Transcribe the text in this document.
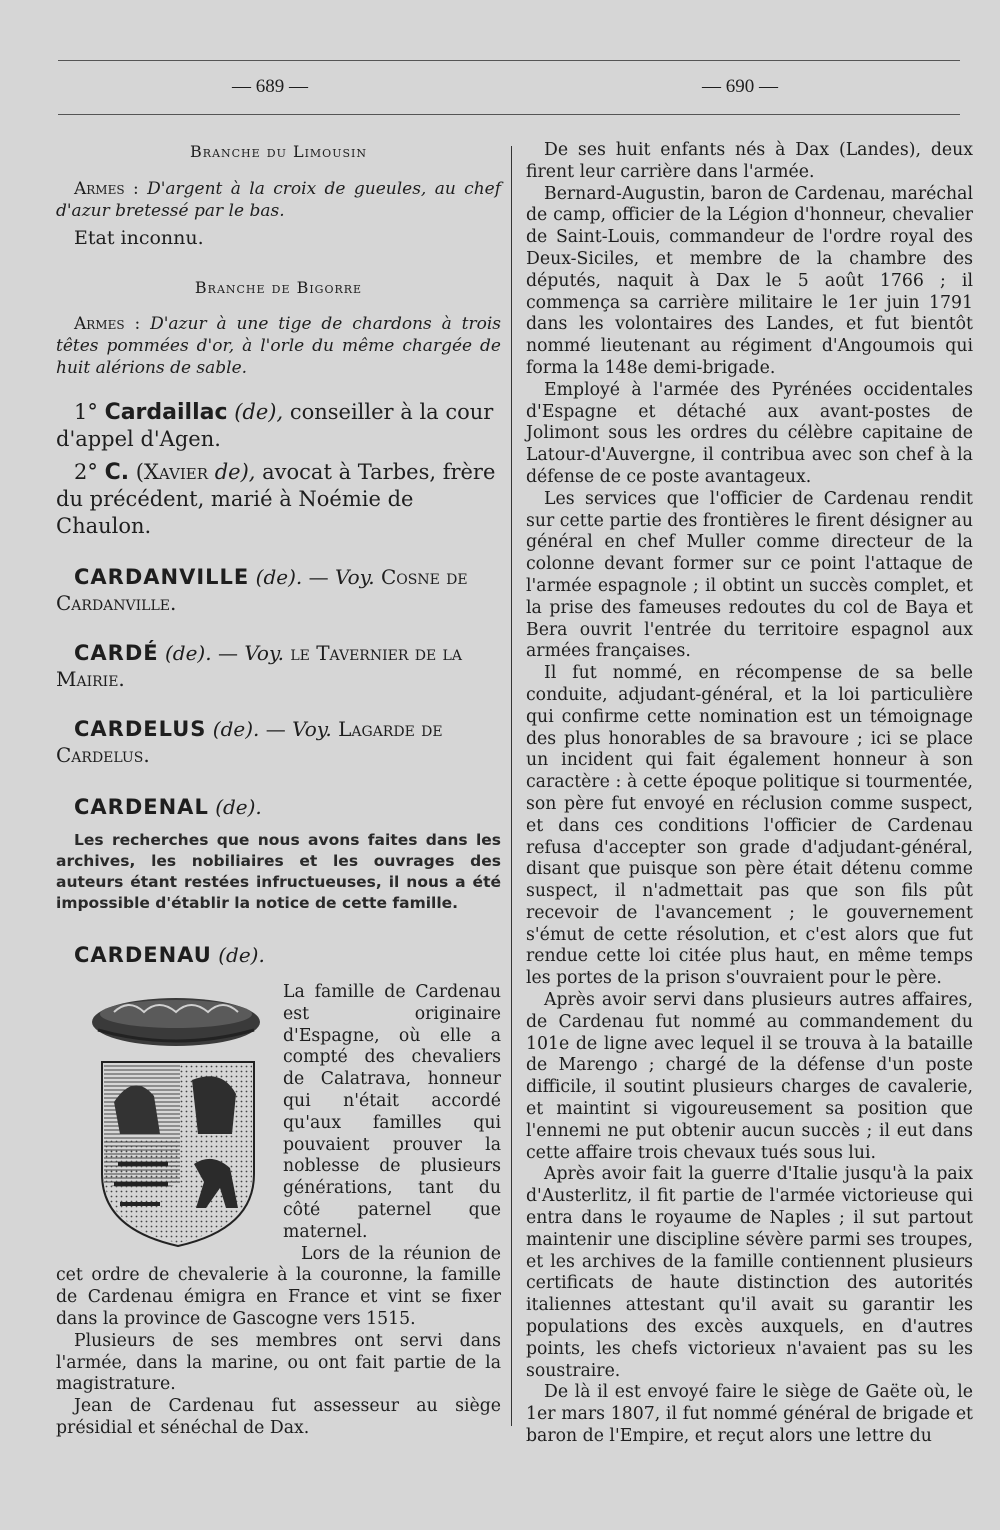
— 689 —	— 690 —

Branche du Limousin

Armes : D'argent à la croix de gueules, au chef d'azur bretessé par le bas.

Etat inconnu.

Branche de Bigorre

Armes : D'azur à une tige de chardons à trois têtes pommées d'or, à l'orle du même chargée de huit alérions de sable.

1° Cardaillac (de), conseiller à la cour d'appel d'Agen.

2° C. (Xavier de), avocat à Tarbes, frère du précédent, marié à Noémie de Chaulon.

CARDANVILLE (de). — Voy. Cosne de Cardanville.

CARDÉ (de). — Voy. le Tavernier de la Mairie.

CARDELUS (de). — Voy. Lagarde de Cardelus.

CARDENAL (de).

Les recherches que nous avons faites dans les archives, les nobiliaires et les ouvrages des auteurs étant restées infructueuses, il nous a été impossible d'établir la notice de cette famille.

CARDENAU (de).

La famille de Cardenau est originaire d'Espagne, où elle a compté des chevaliers de Calatrava, honneur qui n'était accordé qu'aux familles qui pouvaient prouver la noblesse de plusieurs générations, tant du côté paternel que maternel.

Lors de la réunion de cet ordre de chevalerie à la couronne, la famille de Cardenau émigra en France et vint se fixer dans la province de Gascogne vers 1515.

Plusieurs de ses membres ont servi dans l'armée, dans la marine, ou ont fait partie de la magistrature.

Jean de Cardenau fut assesseur au siège présidial et sénéchal de Dax.

De ses huit enfants nés à Dax (Landes), deux firent leur carrière dans l'armée.

Bernard-Augustin, baron de Cardenau, maréchal de camp, officier de la Légion d'honneur, chevalier de Saint-Louis, commandeur de l'ordre royal des Deux-Siciles, et membre de la chambre des députés, naquit à Dax le 5 août 1766 ; il commença sa carrière militaire le 1er juin 1791 dans les volontaires des Landes, et fut bientôt nommé lieutenant au régiment d'Angoumois qui forma la 148e demi-brigade.

Employé à l'armée des Pyrénées occidentales d'Espagne et détaché aux avant-postes de Jolimont sous les ordres du célèbre capitaine de Latour-d'Auvergne, il contribua avec son chef à la défense de ce poste avantageux.

Les services que l'officier de Cardenau rendit sur cette partie des frontières le firent désigner au général en chef Muller comme directeur de la colonne devant former sur ce point l'attaque de l'armée espagnole ; il obtint un succès complet, et la prise des fameuses redoutes du col de Baya et Bera ouvrit l'entrée du territoire espagnol aux armées françaises.

Il fut nommé, en récompense de sa belle conduite, adjudant-général, et la loi particulière qui confirme cette nomination est un témoignage des plus honorables de sa bravoure ; ici se place un incident qui fait également honneur à son caractère : à cette époque politique si tourmentée, son père fut envoyé en réclusion comme suspect, et dans ces conditions l'officier de Cardenau refusa d'accepter son grade d'adjudant-général, disant que puisque son père était détenu comme suspect, il n'admettait pas que son fils pût recevoir de l'avancement ; le gouvernement s'émut de cette résolution, et c'est alors que fut rendue cette loi citée plus haut, en même temps les portes de la prison s'ouvraient pour le père.

Après avoir servi dans plusieurs autres affaires, de Cardenau fut nommé au commandement du 101e de ligne avec lequel il se trouva à la bataille de Marengo ; chargé de la défense d'un poste difficile, il soutint plusieurs charges de cavalerie, et maintint si vigoureusement sa position que l'ennemi ne put obtenir aucun succès ; il eut dans cette affaire trois chevaux tués sous lui.

Après avoir fait la guerre d'Italie jusqu'à la paix d'Austerlitz, il fit partie de l'armée victorieuse qui entra dans le royaume de Naples ; il sut partout maintenir une discipline sévère parmi ses troupes, et les archives de la famille contiennent plusieurs certificats de haute distinction des autorités italiennes attestant qu'il avait su garantir les populations des excès auxquels, en d'autres points, les chefs victorieux n'avaient pas su les soustraire.

De là il est envoyé faire le siège de Gaëte où, le 1er mars 1807, il fut nommé général de brigade et baron de l'Empire, et reçut alors une lettre du
